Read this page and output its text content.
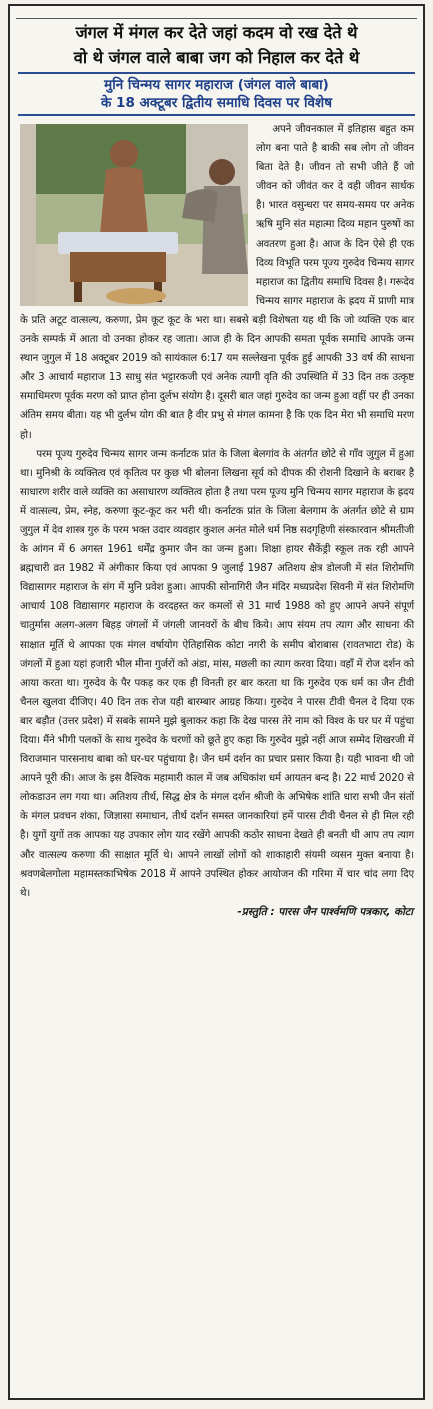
जंगल में मंगल कर देते जहां कदम वो रख देते थे
वो थे जंगल वाले बाबा जग को निहाल कर देते थे
मुनि चिन्मय सागर महाराज (जंगल वाले बाबा)
के 18 अक्टूबर द्वितीय समाधि दिवस पर विशेष

अपने जीवनकाल में इतिहास बहुत कम लोग बना पाते है बाकी सब लोग तो जीवन बिता देते है। जीवन तो सभी जीते हैं जो जीवन को जीवंत कर दे वही जीवन सार्थक है। भारत वसुन्धरा पर समय-समय पर अनेक ऋषि मुनि संत महात्मा दिव्य महान पुरुषों का अवतरण हुआ है। आज के दिन ऐसे ही एक दिव्य विभूति परम पूज्य गुरुदेव चिन्मय सागर महाराज का द्वितीय समाधि दिवस है। गरूदेव चिन्मय सागर महाराज के ह्रदय में प्राणी मात्र के प्रति अटूट वात्सल्य, करुणा, प्रेम कूट कूट के भरा था। सबसे बड़ी विशेषता यह थी कि जो व्यक्ति एक बार उनके सम्पर्क में आता वो उनका होकर रह जाता। आज ही के दिन आपकी समता पूर्वक समाधि आपके जन्म स्थान जुगुल में 18 अक्टूबर 2019 को सायंकाल 6:17 यम सल्लेखना पूर्वक हुई आपकी 33 वर्ष की साधना और 3 आचार्य महाराज 13 साधु संत भट्टारकजी एवं अनेक त्यागी वृति की उपस्थिति में 33 दिन तक उत्कृष्ट समाधिमरण पूर्वक मरण को प्राप्त होना दुर्लभ संयोग है। दूसरी बात जहां गुरुदेव का जन्म हुआ वहीं पर ही उनका अंतिम समय बीता। यह भी दुर्लभ योग की बात है वीर प्रभु से मंगल कामना है कि एक दिन मेरा भी समाधि मरण हो।

परम पूज्य गुरुदेव चिन्मय सागर जन्म कर्नाटक प्रांत के जिला बेलगांव के अंतर्गत छोटे से गाँव जुगुल में हुआ था। मुनिश्री के व्यक्तित्व एवं कृतित्व पर कुछ भी बोलना लिखना सूर्य को दीपक की रोशनी दिखाने के बराबर है साधारण शरीर वाले व्यक्ति का असाधारण व्यक्तित्व होता है तथा परम पूज्य मुनि चिन्मय सागर महाराज के ह्रदय में वात्सल्य, प्रेम, स्नेह, करुणा कूट-कूट कर भरी थी। कर्नाटक प्रांत के जिला बेलगाम के अंतर्गत छोटे से ग्राम जुगुल में देव शास्त्र गुरु के परम भक्त उदार व्यवहार कुशल अनंत मोले धर्म निष्ठ सदगृहिणी संस्कारवान श्रीमतीजी के आंगन में 6 अगस्त 1961 धर्मेंद्र कुमार जैन का जन्म हुआ। शिक्षा हायर सैकेंड्री स्कूल तक रही आपने ब्रह्मचारी व्रत 1982 में अंगीकार किया एवं आपका 9 जुलाई 1987 अतिशय क्षेत्र डोलजी में संत शिरोमणि विद्यासागर महाराज के संग में मुनि प्रवेश हुआ। आपकी सोनागिरी जैन मंदिर मध्यप्रदेश सिवनी में संत शिरोमणि आचार्य 108 विद्यासागर महाराज के वरदहस्त कर कमलों से 31 मार्च 1988 को हुए आपने अपने संपूर्ण चातुर्मास अलग-अलग बिहड़ जंगलों में जंगली जानवरों के बीच किये। आप संयम तप त्याग और साधना की साक्षात मूर्ति थे आपका एक मंगल वर्षायोग ऐतिहासिक कोटा नगरी के समीप बोराबास (रावतभाटा रोड) के जंगलों में हुआ यहां हजारी भील मीना गुर्जरों को अंडा, मांस, मछली का त्याग करवा दिया। वहाँ में रोज दर्शन को आया करता था। गुरुदेव के पैर पकड़ कर एक ही विनती हर बार करता था कि गुरुदेव एक धर्म का जैन टीवी चैनल खुलवा दीजिए। 40 दिन तक रोज यही बारम्बार आग्रह किया। गुरुदेव ने पारस टीवी चैनल दे दिया एक बार बड़ौत (उत्तर प्रदेश) में सबके सामने मुझे बुलाकर कहा कि देख पारस तेरे नाम को विश्व के घर घर में पहुंचा दिया। मैंने भीगी पलकों के साथ गुरुदेव के चरणों को छूते हुए कहा कि गुरुदेव मुझे नहीं आज सम्मेद शिखरजी में विराजमान पारसनाथ बाबा को घर-घर पहुंचाया है। जैन धर्म दर्शन का प्रचार प्रसार किया है। यही भावना थी जो आपने पूरी की। आज के इस वैश्विक महामारी काल में जब अधिकांश धर्म आयतन बन्द है। 22 मार्च 2020 से लोकडाउन लग गया था। अतिशय तीर्थ, सिद्ध क्षेत्र के मंगल दर्शन श्रीजी के अभिषेक शांति धारा सभी जैन संतों के मंगल प्रवचन शंका, जिज्ञासा समाधान, तीर्थ दर्शन समस्त जानकारियां हमें पारस टीवी चैनल से ही मिल रही है। युगों युगों तक आपका यह उपकार लोग याद रखेंगे आपकी कठोर साधना देखते ही बनती थी आप तप त्याग और वात्सल्य करुणा की साक्षात मूर्ति थे। आपने लाखों लोगों को शाकाहारी संयमी व्यसन मुक्त बनाया है। श्रवणबेलगोला महामस्तकाभिषेक 2018 में आपने उपस्थित होकर आयोजन की गरिमा में चार चांद लगा दिए थे।

-प्रस्तुति : पारस जैन पार्श्वमणि पत्रकार, कोटा
